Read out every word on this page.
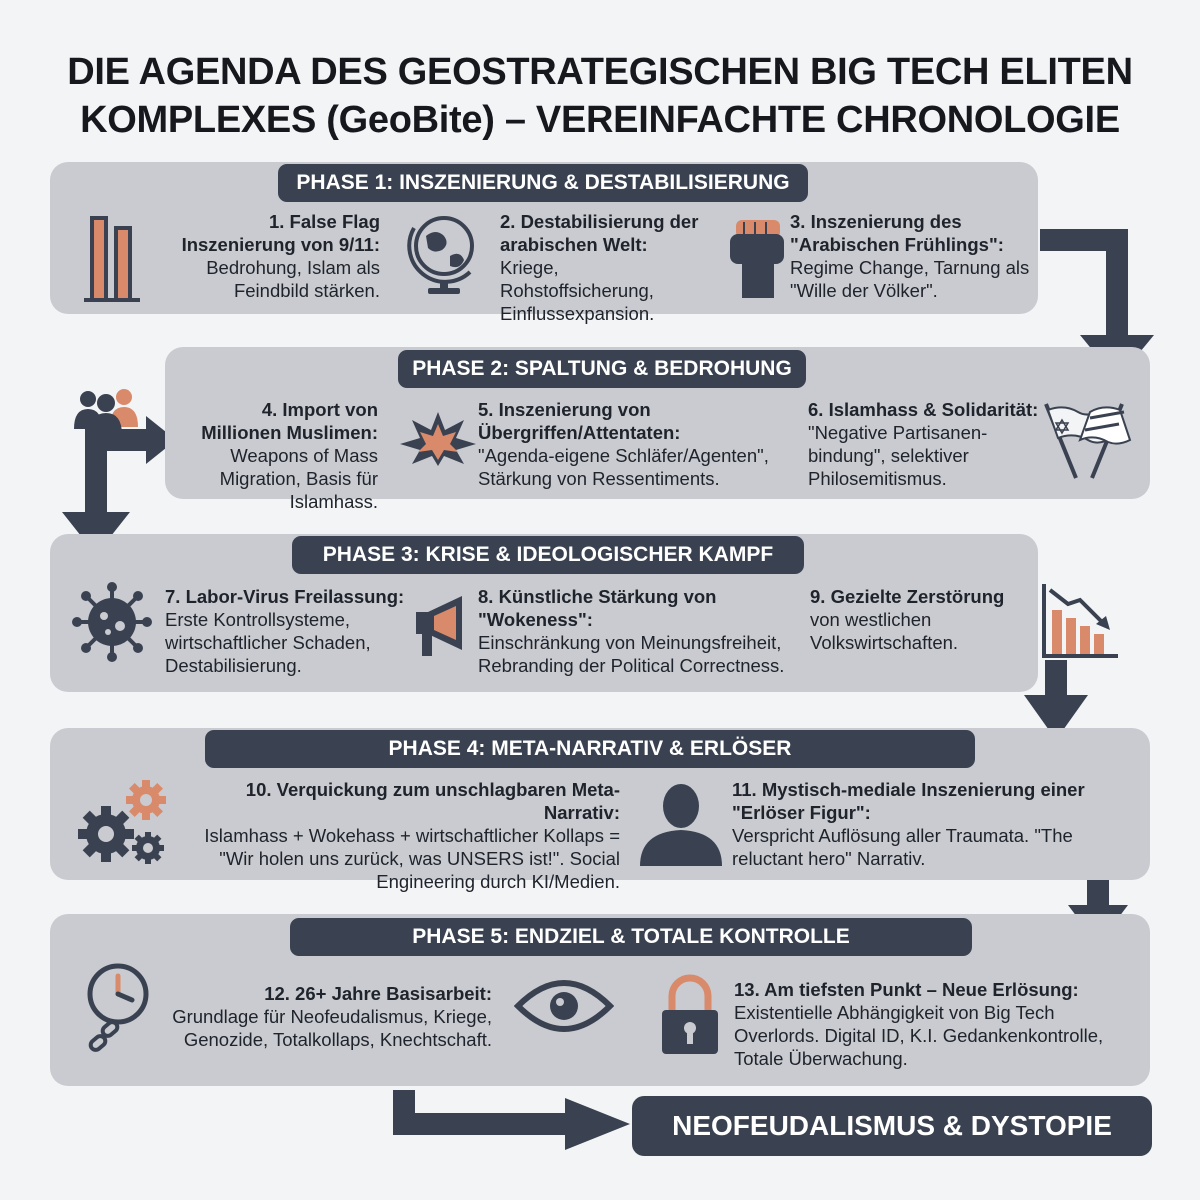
DIE AGENDA DES GEOSTRATEGISCHEN BIG TECH ELITEN
KOMPLEXES (GeoBite) – VEREINFACHTE CHRONOLOGIE
PHASE 1: INSZENIERUNG & DESTABILISIERUNG
1. False Flag Inszenierung von 9/11:
Bedrohung, Islam als Feindbild stärken.
2. Destabilisierung der arabischen Welt:
Kriege, Rohstoffsicherung, Einflussexpansion.
3. Inszenierung des "Arabischen Frühlings":
Regime Change, Tarnung als "Wille der Völker".
PHASE 2: SPALTUNG & BEDROHUNG
4. Import von Millionen Muslimen:
Weapons of Mass Migration, Basis für Islamhass.
5. Inszenierung von Übergriffen/Attentaten:
"Agenda-eigene Schläfer/Agenten", Stärkung von Ressentiments.
6. Islamhass & Solidarität:
"Negative Partisanen-bindung", selektiver Philosemitismus.
PHASE 3: KRISE & IDEOLOGISCHER KAMPF
7. Labor-Virus Freilassung:
Erste Kontrollsysteme, wirtschaftlicher Schaden, Destabilisierung.
8. Künstliche Stärkung von "Wokeness":
Einschränkung von Meinungsfreiheit, Rebranding der Political Correctness.
9. Gezielte Zerstörung
von westlichen Volkswirtschaften.
PHASE 4: META-NARRATIV & ERLÖSER
10. Verquickung zum unschlagbaren Meta-Narrativ:
Islamhass + Wokehass + wirtschaftlicher Kollaps = "Wir holen uns zurück, was UNSERS ist!". Social Engineering durch KI/Medien.
11. Mystisch-mediale Inszenierung einer "Erlöser Figur":
Verspricht Auflösung aller Traumata. "The reluctant hero" Narrativ.
PHASE 5: ENDZIEL & TOTALE KONTROLLE
12. 26+ Jahre Basisarbeit:
Grundlage für Neofeudalismus, Kriege, Genozide, Totalkollaps, Knechtschaft.
13. Am tiefsten Punkt – Neue Erlösung:
Existentielle Abhängigkeit von Big Tech Overlords. Digital ID, K.I. Gedankenkontrolle, Totale Überwachung.
NEOFEUDALISMUS & DYSTOPIE
